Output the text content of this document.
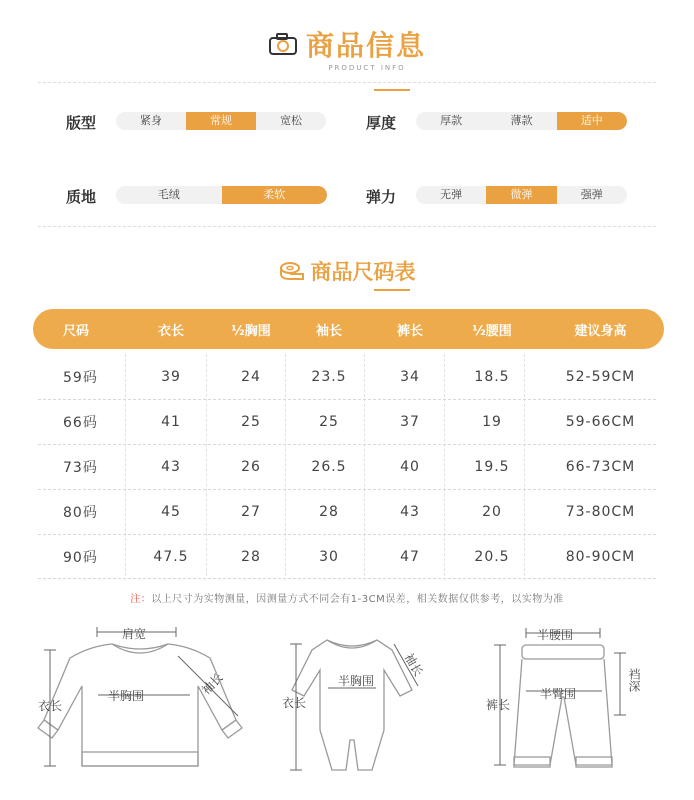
商品信息
PRODUCT INFO
版型	紧身	常规	宽松	厚度	厚款	薄款	适中
质地	毛绒	柔软	弹力	无弹	微弹	强弹
商品尺码表
尺码	衣长	½胸围	袖长	裤长	½腰围	建议身高
59码	39	24	23.5	34	18.5	52-59CM
66码	41	25	25	37	19	59-66CM
73码	43	26	26.5	40	19.5	66-73CM
80码	45	27	28	43	20	73-80CM
90码	47.5	28	30	47	20.5	80-90CM
注：以上尺寸为实物测量，因测量方式不同会有1-3CM误差，相关数据仅供参考，以实物为准
肩宽
半胸围	袖长
衣长
半胸围
袖长
衣长
半腰围
半臀围
裆深
裤长
